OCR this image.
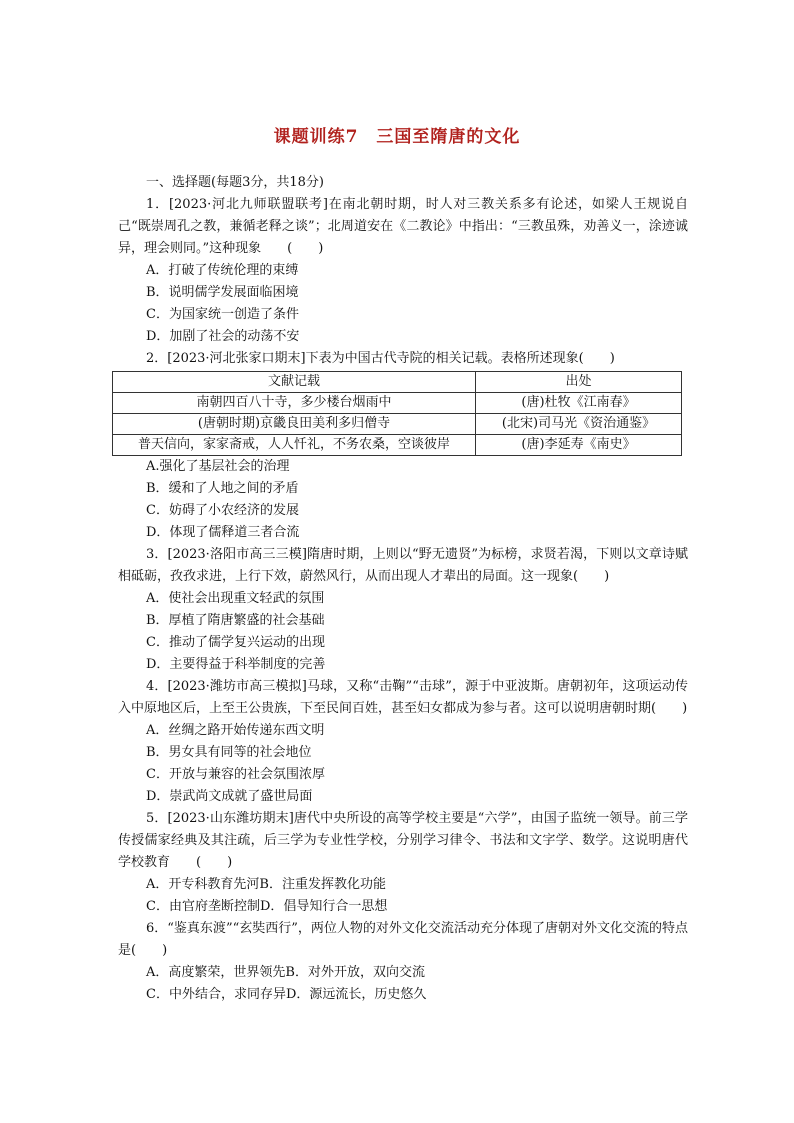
课题训练7　三国至隋唐的文化

一、选择题(每题3分，共18分)

1．[2023·河北九师联盟联考]在南北朝时期，时人对三教关系多有论述，如梁人王规说自己“既崇周孔之教，兼循老释之谈”；北周道安在《二教论》中指出：“三教虽殊，劝善义一，涂迹诚异，理会则同。”这种现象　　(　　)

A．打破了传统伦理的束缚

B．说明儒学发展面临困境

C．为国家统一创造了条件

D．加剧了社会的动荡不安

2．[2023·河北张家口期末]下表为中国古代寺院的相关记载。表格所述现象(　　)

文献记载	出处
南朝四百八十寺，多少楼台烟雨中	(唐)杜牧《江南春》
(唐朝时期)京畿良田美利多归僧寺	(北宋)司马光《资治通鉴》
普天信向，家家斋戒，人人忏礼，不务农桑，空谈彼岸	(唐)李延寿《南史》

A.强化了基层社会的治理

B．缓和了人地之间的矛盾

C．妨碍了小农经济的发展

D．体现了儒释道三者合流

3．[2023·洛阳市高三三模]隋唐时期，上则以“野无遗贤”为标榜，求贤若渴，下则以文章诗赋相砥砺，孜孜求进，上行下效，蔚然风行，从而出现人才辈出的局面。这一现象(　　)

A．使社会出现重文轻武的氛围

B．厚植了隋唐繁盛的社会基础

C．推动了儒学复兴运动的出现

D．主要得益于科举制度的完善

4．[2023·潍坊市高三模拟]马球，又称“击鞠”“击球”，源于中亚波斯。唐朝初年，这项运动传入中原地区后，上至王公贵族，下至民间百姓，甚至妇女都成为参与者。这可以说明唐朝时期(　　)

A．丝绸之路开始传递东西文明

B．男女具有同等的社会地位

C．开放与兼容的社会氛围浓厚

D．崇武尚文成就了盛世局面

5．[2023·山东潍坊期末]唐代中央所设的高等学校主要是“六学”，由国子监统一领导。前三学传授儒家经典及其注疏，后三学为专业性学校，分别学习律令、书法和文字学、数学。这说明唐代学校教育　　(　　)

A．开专科教育先河B．注重发挥教化功能

C．由官府垄断控制D．倡导知行合一思想

6．“鉴真东渡”“玄奘西行”，两位人物的对外文化交流活动充分体现了唐朝对外文化交流的特点是(　　)

A．高度繁荣，世界领先B．对外开放，双向交流

C．中外结合，求同存异D．源远流长，历史悠久
